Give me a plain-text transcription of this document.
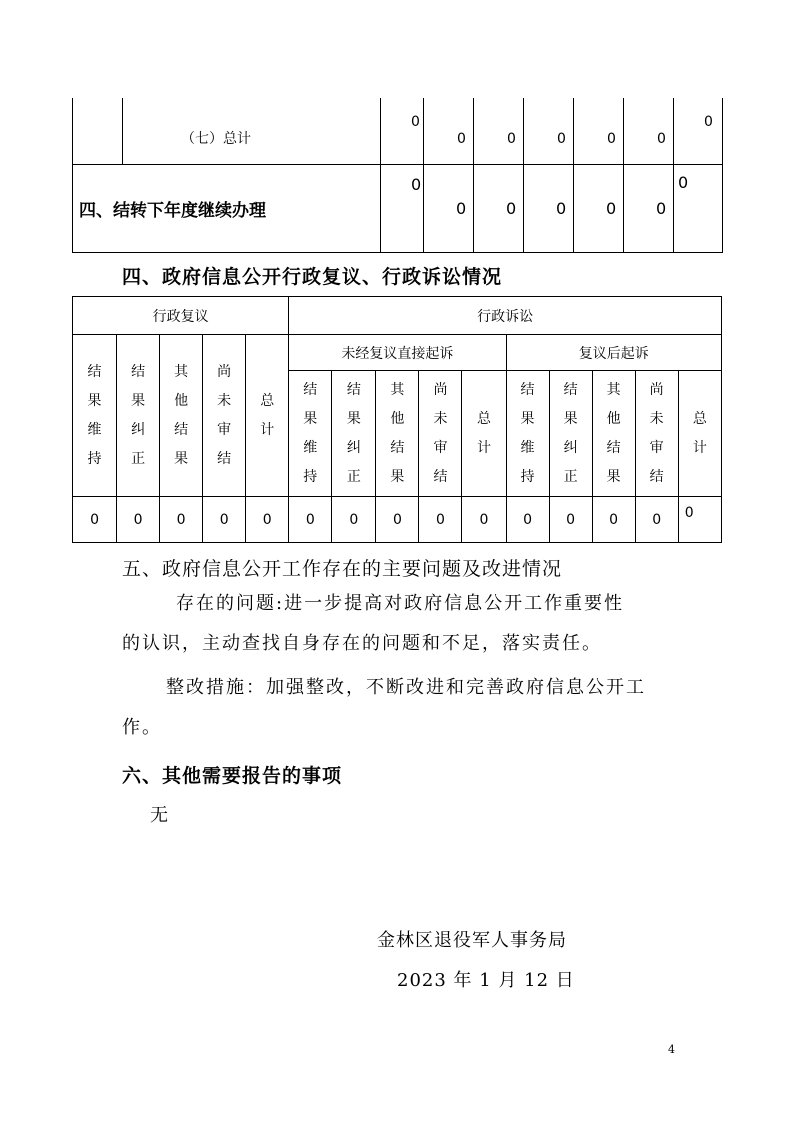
	（七）总计	0	0	0	0	0	0	0

四、结转下年度继续办理		0	0	0	0	0	0	0
四、政府信息公开行政复议、行政诉讼情况
行政复议					行政诉讼									
结果维持	结果纠正	其他结果	尚未审结	总计	未经复议直接起诉					复议后起诉				
					结果维持	结果纠正	其他结果	尚未审结	总计	结果维持	结果纠正	其他结果	尚未审结	总计
0	0	0	0	0	0	0	0	0	0	0	0	0	0	0
五、政府信息公开工作存在的主要问题及改进情况
存在的问题:进一步提高对政府信息公开工作重要性
的认识，主动查找自身存在的问题和不足，落实责任。
整改措施：加强整改，不断改进和完善政府信息公开工
作。
六、其他需要报告的事项
无
金林区退役军人事务局
2023 年 1 月 12 日
4
